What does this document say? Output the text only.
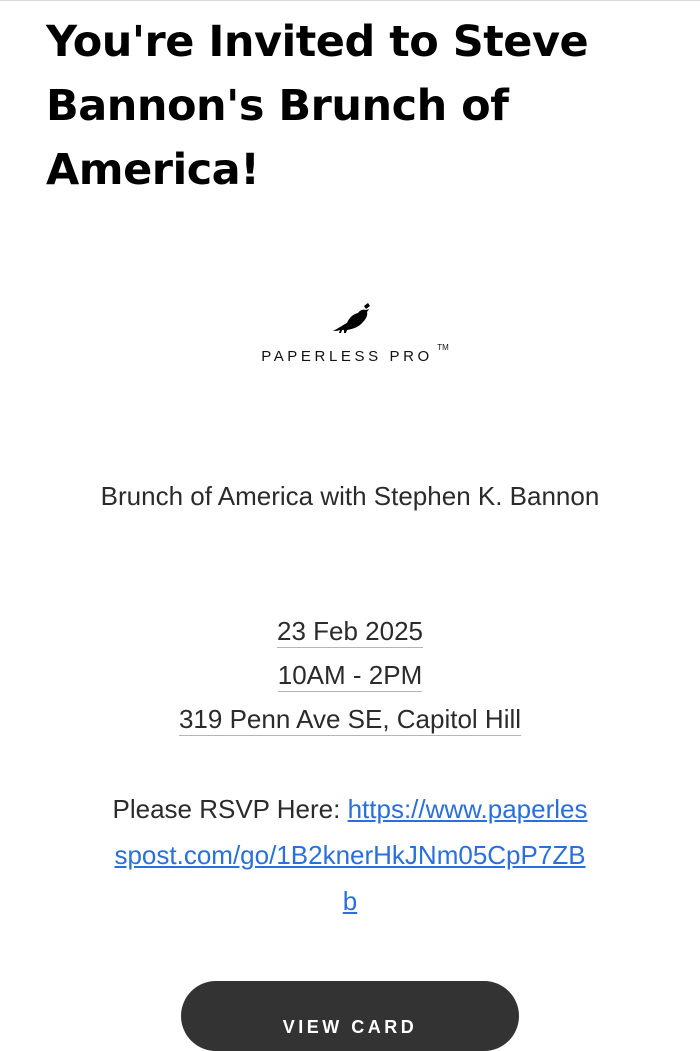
You're Invited to Steve Bannon's Brunch of America!
PAPERLESS PRO
TM
Brunch of America with Stephen K. Bannon
23 Feb 2025
10AM - 2PM
319 Penn Ave SE, Capitol Hill
Please RSVP Here: https://www.paperlesspost.com/go/1B2knerHkJNm05CpP7ZBb
VIEW CARD
